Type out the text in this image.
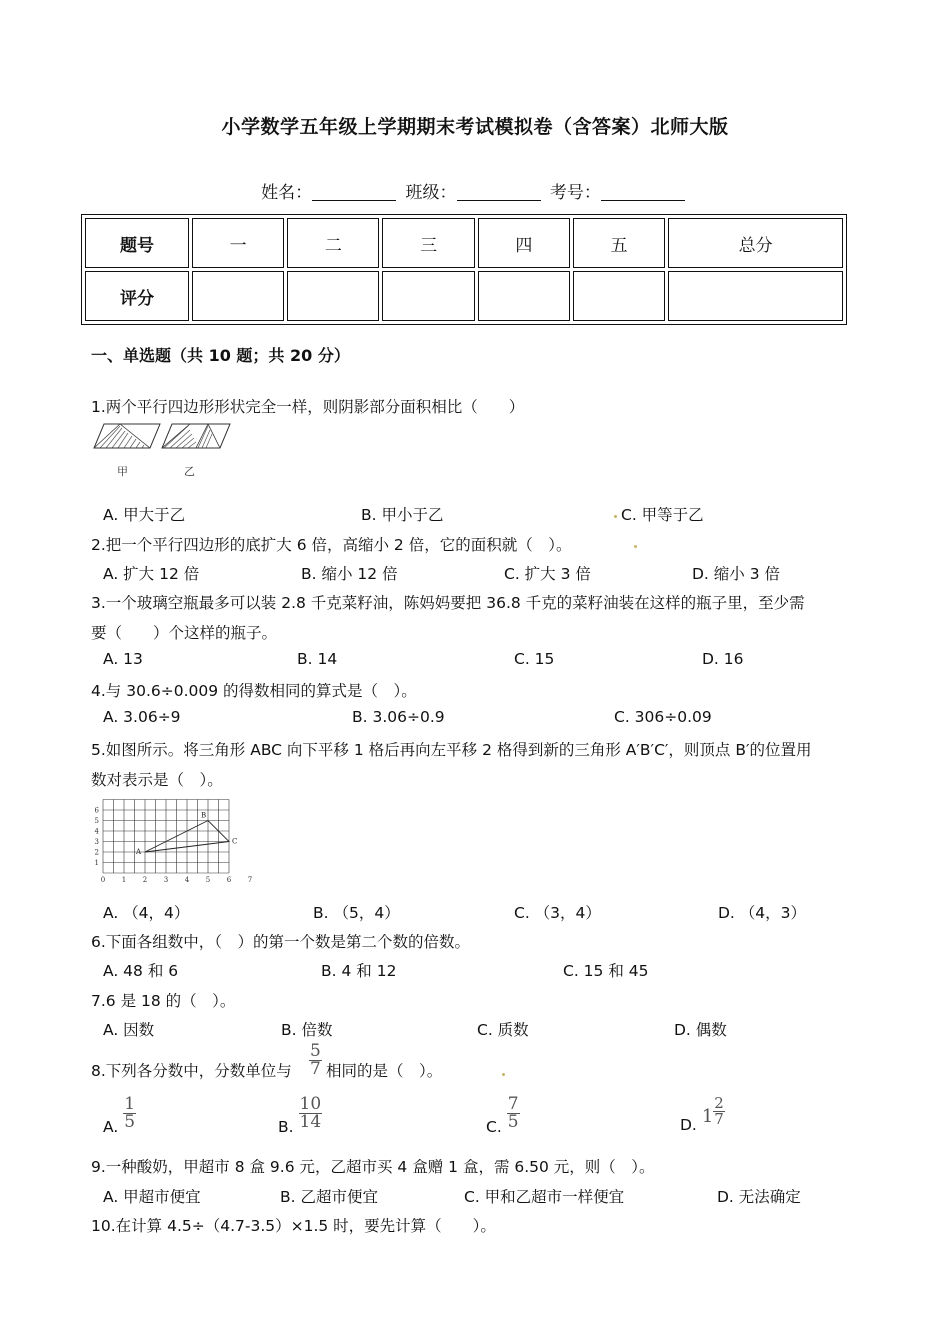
小学数学五年级上学期期末考试模拟卷（含答案）北师大版
姓名：	班级：	考号：
题号	一	二	三	四	五	总分
评分						
一、单选题（共 10 题；共 20 分）
1.两个平行四边形形状完全一样，则阴影部分面积相比（　　）
甲	乙
A. 甲大于乙	B. 甲小于乙	C. 甲等于乙
2.把一个平行四边形的底扩大 6 倍，高缩小 2 倍，它的面积就（　）。
A. 扩大 12 倍	B. 缩小 12 倍	C. 扩大 3 倍	D. 缩小 3 倍
3.一个玻璃空瓶最多可以装 2.8 千克菜籽油，陈妈妈要把 36.8 千克的菜籽油装在这样的瓶子里，至少需
要（　　）个这样的瓶子。
A. 13	B. 14	C. 15	D. 16
4.与 30.6÷0.009 的得数相同的算式是（　）。
A. 3.06÷9	B. 3.06÷0.9	C. 306÷0.09
5.如图所示。将三角形 ABC 向下平移 1 格后再向左平移 2 格得到新的三角形 A′B′C′，则顶点 B′的位置用
数对表示是（　）。
0 1 2 3 4 5 6 7
1
2
3
4
5
6
A
B
C
A. （4，4）	B. （5，4）	C. （3，4）	D. （4，3）
6.下面各组数中，（　）的第一个数是第二个数的倍数。
A. 48 和 6	B. 4 和 12	C. 15 和 45
7.6 是 18 的（　）。
A. 因数	B. 倍数	C. 质数	D. 偶数
8.下列各分数中，分数单位与 $\frac{5}{7}$ 相同的是（　）。
A. $\frac{1}{5}$	B. $\frac{10}{14}$	C. $\frac{7}{5}$	D. $1 \frac{2}{7}$
9.一种酸奶，甲超市 8 盒 9.6 元，乙超市买 4 盒赠 1 盒，需 6.50 元，则（　）。
A. 甲超市便宜	B. 乙超市便宜	C. 甲和乙超市一样便宜	D. 无法确定
10.在计算 4.5÷（4.7-3.5）×1.5 时，要先计算（　　）。
